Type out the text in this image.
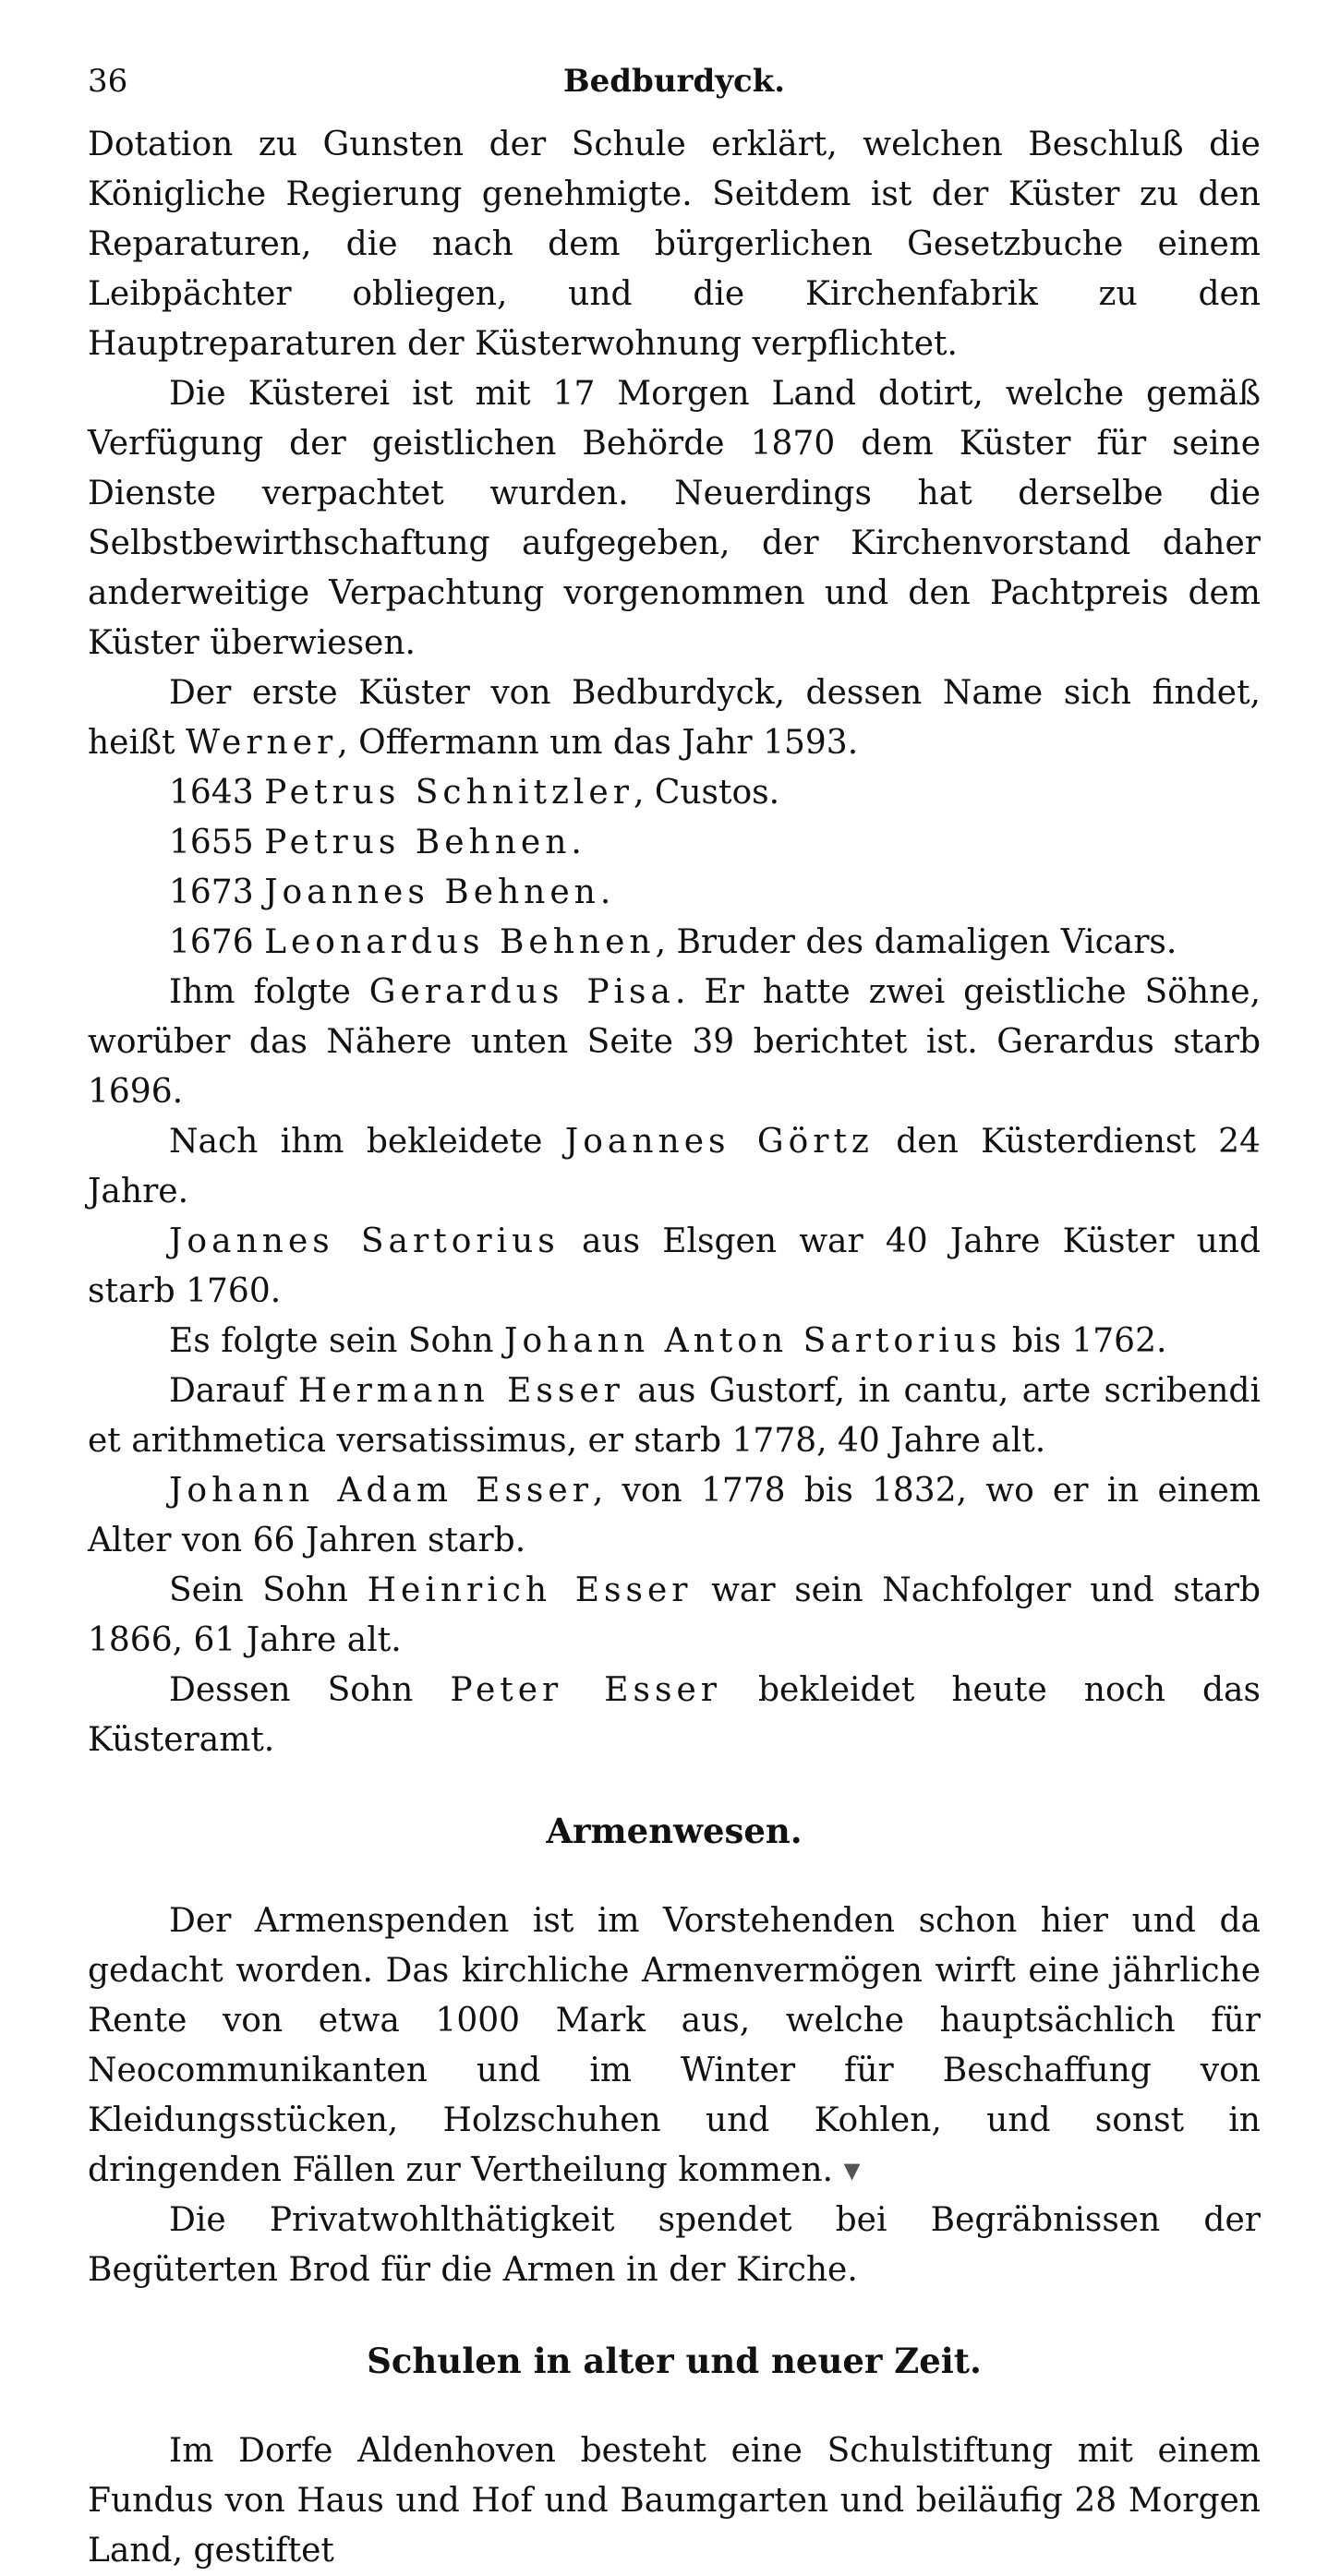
36	Bedburdyck.

Dotation zu Gunsten der Schule erklärt, welchen Beschluß die Königliche Regierung genehmigte. Seitdem ist der Küster zu den Reparaturen, die nach dem bürgerlichen Gesetzbuche einem Leibpächter obliegen, und die Kirchenfabrik zu den Hauptreparaturen der Küsterwohnung verpflichtet.

Die Küsterei ist mit 17 Morgen Land dotirt, welche gemäß Verfügung der geistlichen Behörde 1870 dem Küster für seine Dienste verpachtet wurden. Neuerdings hat derselbe die Selbstbewirthschaftung aufgegeben, der Kirchenvorstand daher anderweitige Verpachtung vorgenommen und den Pachtpreis dem Küster überwiesen.

Der erste Küster von Bedburdyck, dessen Name sich findet, heißt Werner, Offermann um das Jahr 1593.

1643 Petrus Schnitzler, Custos.

1655 Petrus Behnen.

1673 Joannes Behnen.

1676 Leonardus Behnen, Bruder des damaligen Vicars.

Ihm folgte Gerardus Pisa. Er hatte zwei geistliche Söhne, worüber das Nähere unten Seite 39 berichtet ist. Gerardus starb 1696.

Nach ihm bekleidete Joannes Görtz den Küsterdienst 24 Jahre.

Joannes Sartorius aus Elsgen war 40 Jahre Küster und starb 1760.

Es folgte sein Sohn Johann Anton Sartorius bis 1762.

Darauf Hermann Esser aus Gustorf, in cantu, arte scribendi et arithmetica versatissimus, er starb 1778, 40 Jahre alt.

Johann Adam Esser, von 1778 bis 1832, wo er in einem Alter von 66 Jahren starb.

Sein Sohn Heinrich Esser war sein Nachfolger und starb 1866, 61 Jahre alt.

Dessen Sohn Peter Esser bekleidet heute noch das Küsteramt.

Armenwesen.

Der Armenspenden ist im Vorstehenden schon hier und da gedacht worden. Das kirchliche Armenvermögen wirft eine jährliche Rente von etwa 1000 Mark aus, welche hauptsächlich für Neocommunikanten und im Winter für Beschaffung von Kleidungsstücken, Holzschuhen und Kohlen, und sonst in dringenden Fällen zur Vertheilung kommen. ▾

Die Privatwohlthätigkeit spendet bei Begräbnissen der Begüterten Brod für die Armen in der Kirche.

Schulen in alter und neuer Zeit.

Im Dorfe Aldenhoven besteht eine Schulstiftung mit einem Fundus von Haus und Hof und Baumgarten und beiläufig 28 Morgen Land, gestiftet
